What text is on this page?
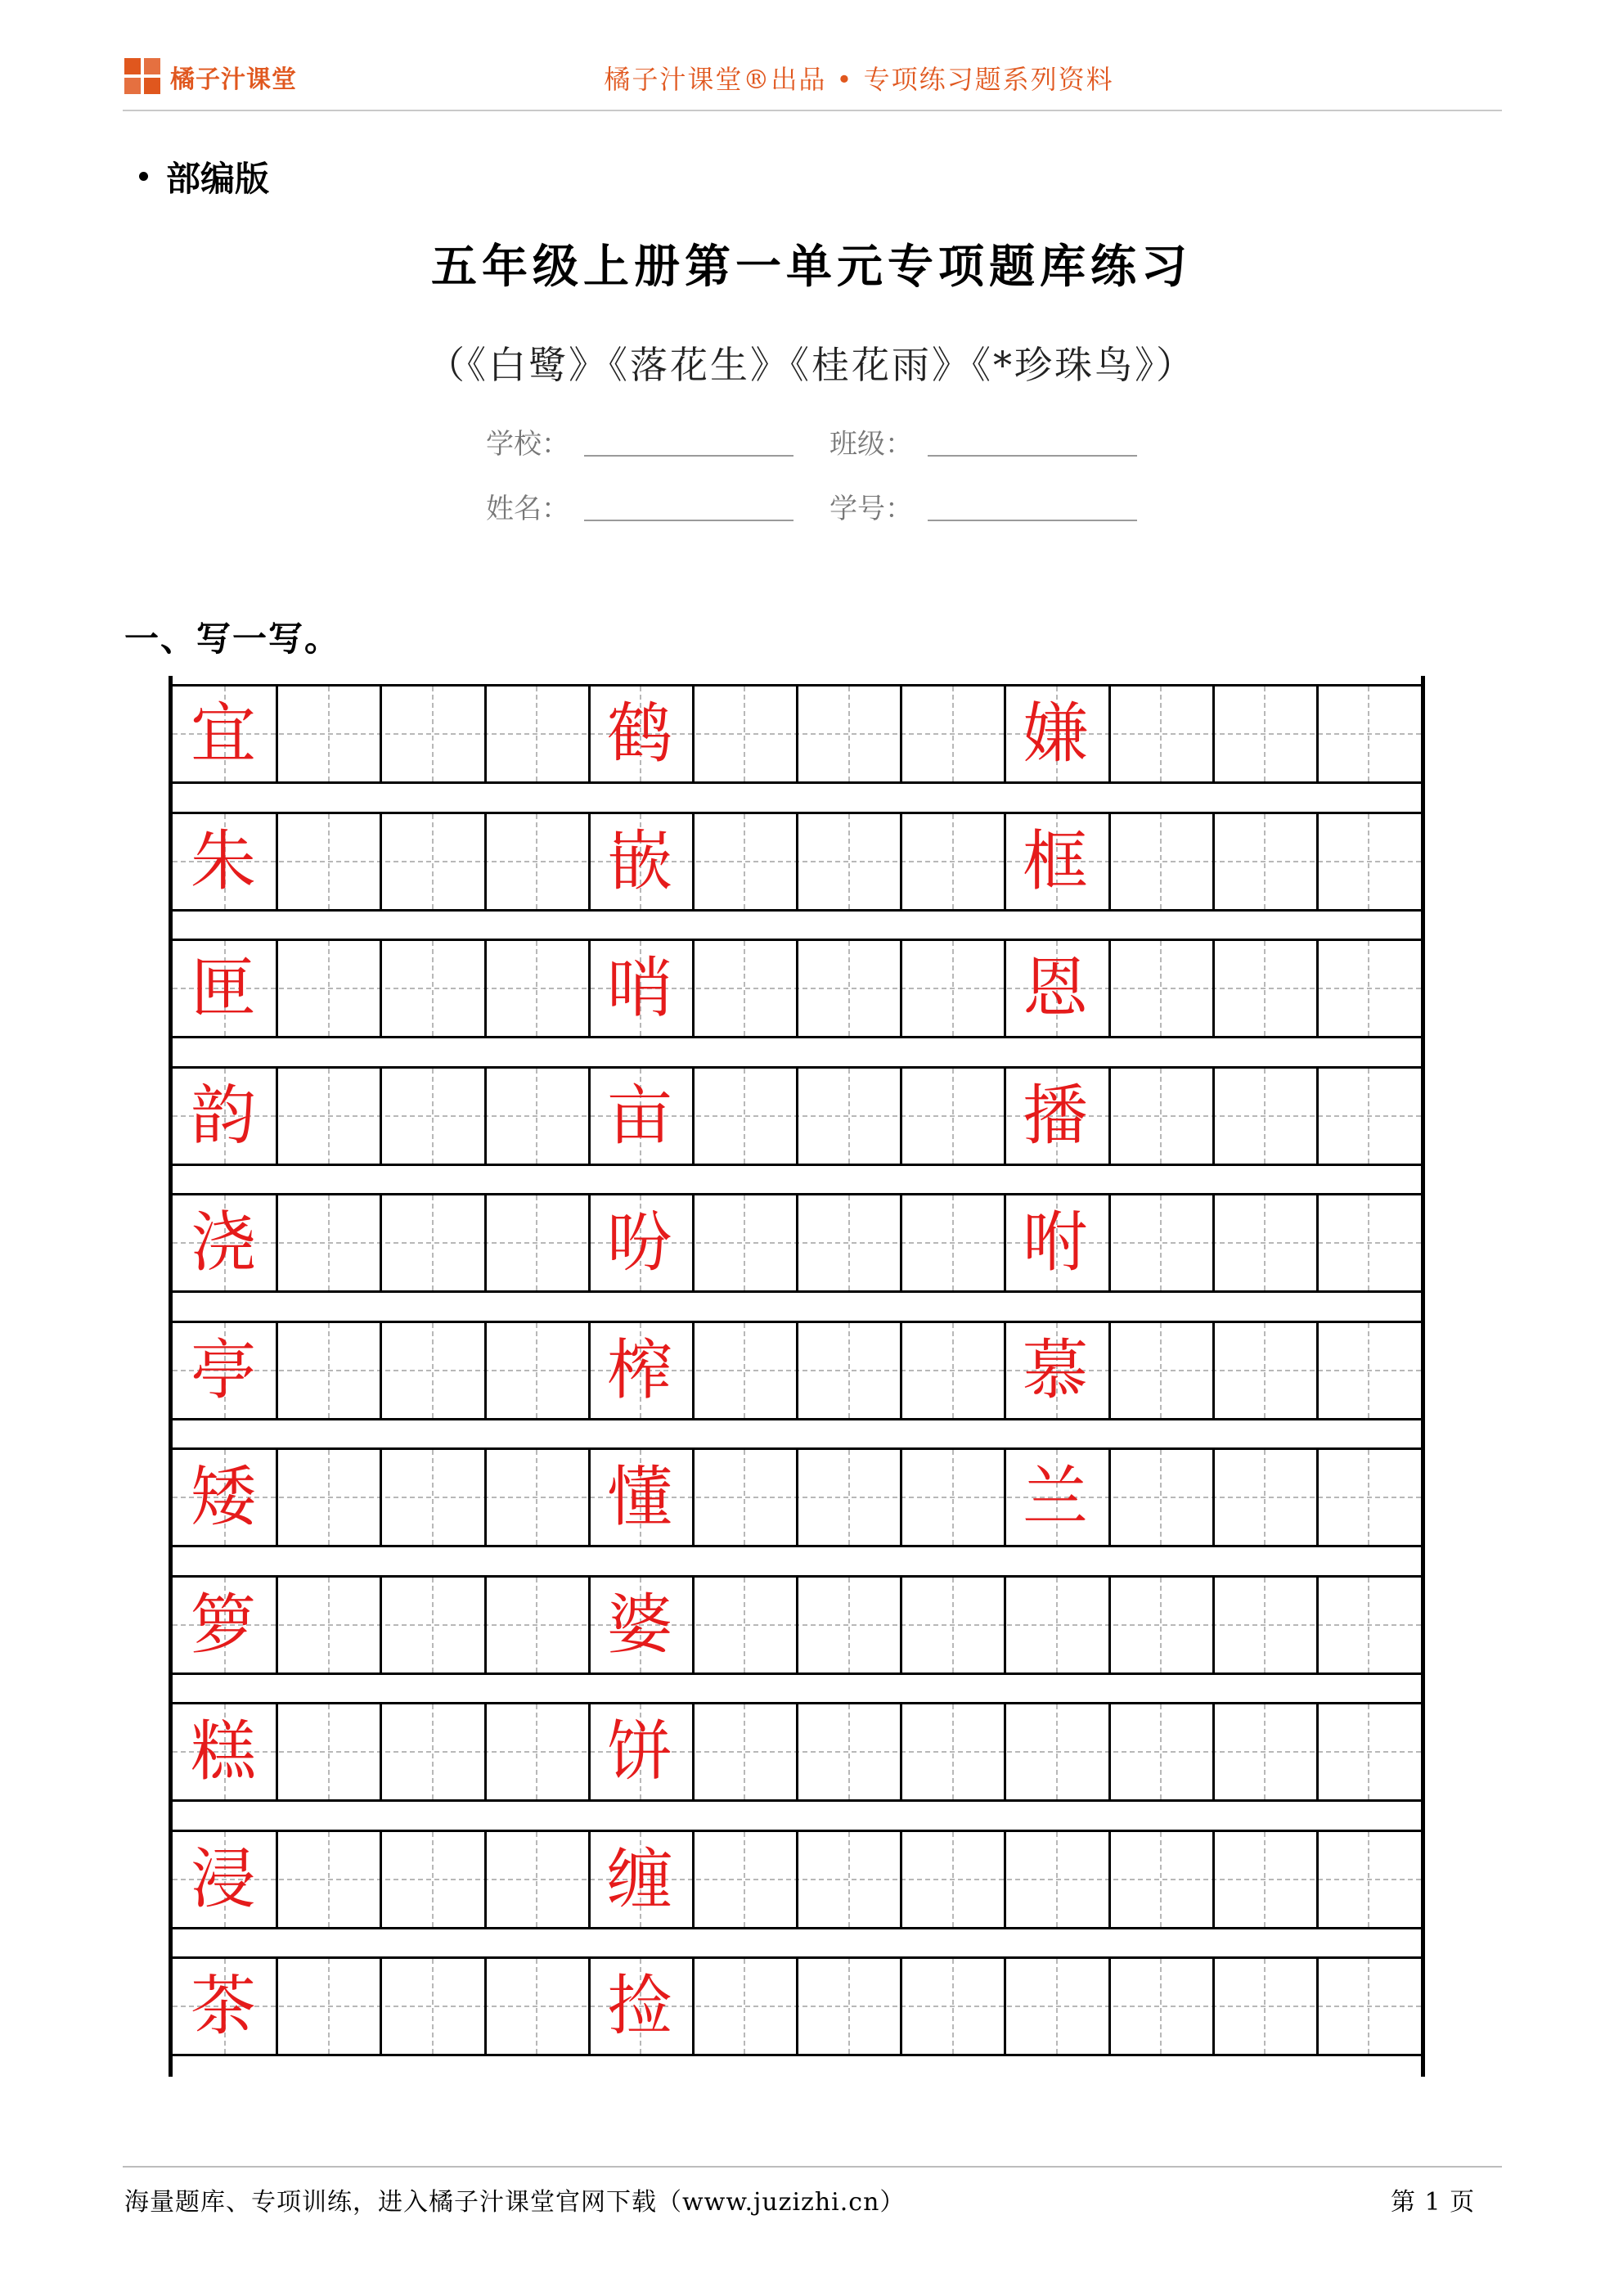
橘子汁课堂	橘子汁课堂®出品 • 专项练习题系列资料
部编版
五年级上册第一单元专项题库练习
（《白鹭》《落花生》《桂花雨》《*珍珠鸟》）
学校：	班级：
姓名：	学号：
一、写一写。
宜	鹤	嫌
朱	嵌	框
匣	哨	恩
韵	亩	播
浇	吩	咐
亭	榨	慕
矮	懂	兰
箩	婆
糕	饼
浸	缠
茶	捡
海量题库、专项训练，进入橘子汁课堂官网下载（www.juzizhi.cn）	第 1 页
